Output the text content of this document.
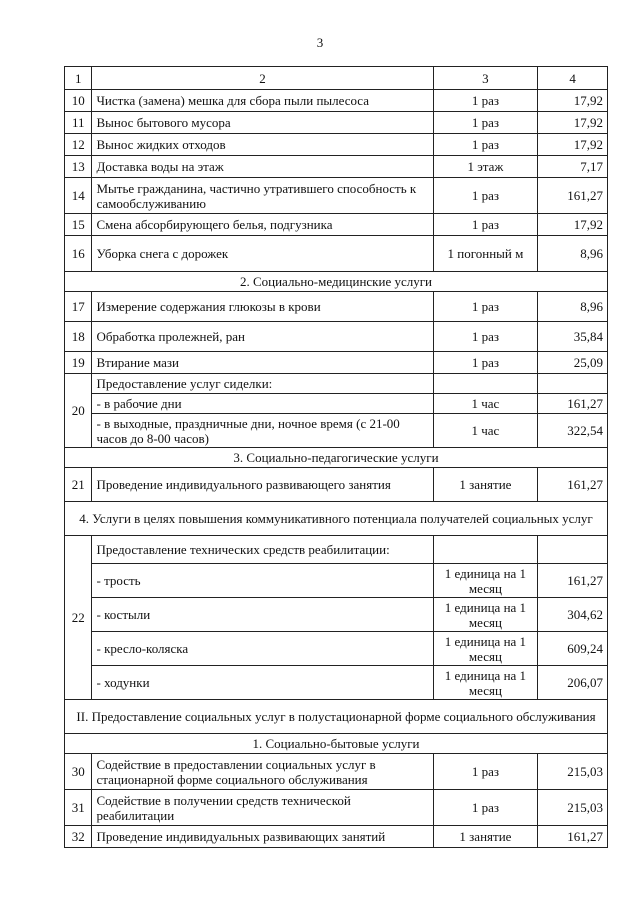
3
1	2	3	4
10	Чистка (замена) мешка для сбора пыли пылесоса	1 раз	17,92
11	Вынос бытового мусора	1 раз	17,92
12	Вынос жидких отходов	1 раз	17,92
13	Доставка воды на этаж	1 этаж	7,17
14	Мытье гражданина, частично утратившего способность к самообслуживанию	1 раз	161,27
15	Смена абсорбирующего белья, подгузника	1 раз	17,92
16	Уборка снега с дорожек	1 погонный м	8,96
2. Социально-медицинские услуги			
17	Измерение содержания глюкозы в крови	1 раз	8,96
18	Обработка пролежней, ран	1 раз	35,84
19	Втирание мази	1 раз	25,09
20	Предоставление услуг сиделки:		
	- в рабочие дни	1 час	161,27
	- в выходные, праздничные дни, ночное время (с 21-00 часов до 8-00 часов)	1 час	322,54
3. Социально-педагогические услуги			
21	Проведение индивидуального развивающего занятия	1 занятие	161,27
4. Услуги в целях повышения коммуникативного потенциала получателей социальных услуг			
22	Предоставление технических средств реабилитации:		
	- трость	1 единица на 1 месяц	161,27
	- костыли	1 единица на 1 месяц	304,62
	- кресло-коляска	1 единица на 1 месяц	609,24
	- ходунки	1 единица на 1 месяц	206,07
II. Предоставление социальных услуг в полустационарной форме социального обслуживания			
1. Социально-бытовые услуги			
30	Содействие в предоставлении социальных услуг в стационарной форме социального обслуживания	1 раз	215,03
31	Содействие в получении средств технической реабилитации	1 раз	215,03
32	Проведение индивидуальных развивающих занятий	1 занятие	161,27
